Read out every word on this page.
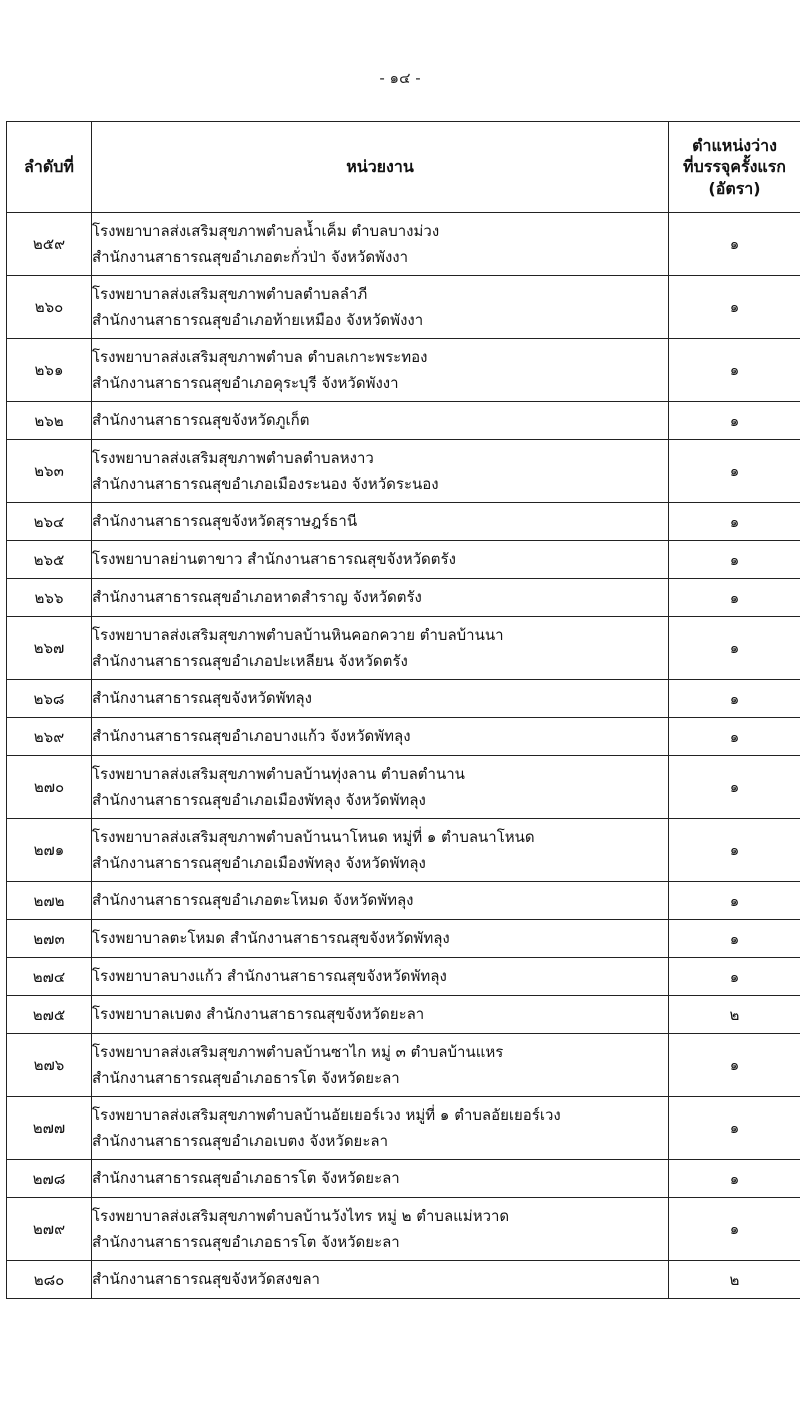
- ๑๔ -
ลำดับที่	หน่วยงาน	ตำแหน่งว่าง
ที่บรรจุครั้งแรก
(อัตรา)

๒๕๙	โรงพยาบาลส่งเสริมสุขภาพตำบลน้ำเค็ม ตำบลบางม่วง
สำนักงานสาธารณสุขอำเภอตะกั่วป่า จังหวัดพังงา	๑
๒๖๐	โรงพยาบาลส่งเสริมสุขภาพตำบลตำบลลำภี
สำนักงานสาธารณสุขอำเภอท้ายเหมือง จังหวัดพังงา	๑
๒๖๑	โรงพยาบาลส่งเสริมสุขภาพตำบล ตำบลเกาะพระทอง
สำนักงานสาธารณสุขอำเภอคุระบุรี จังหวัดพังงา	๑
๒๖๒	สำนักงานสาธารณสุขจังหวัดภูเก็ต	๑
๒๖๓	โรงพยาบาลส่งเสริมสุขภาพตำบลตำบลหงาว
สำนักงานสาธารณสุขอำเภอเมืองระนอง จังหวัดระนอง	๑
๒๖๔	สำนักงานสาธารณสุขจังหวัดสุราษฎร์ธานี	๑
๒๖๕	โรงพยาบาลย่านตาขาว สำนักงานสาธารณสุขจังหวัดตรัง	๑
๒๖๖	สำนักงานสาธารณสุขอำเภอหาดสำราญ จังหวัดตรัง	๑
๒๖๗	โรงพยาบาลส่งเสริมสุขภาพตำบลบ้านหินคอกควาย ตำบลบ้านนา
สำนักงานสาธารณสุขอำเภอปะเหลียน จังหวัดตรัง	๑
๒๖๘	สำนักงานสาธารณสุขจังหวัดพัทลุง	๑
๒๖๙	สำนักงานสาธารณสุขอำเภอบางแก้ว จังหวัดพัทลุง	๑
๒๗๐	โรงพยาบาลส่งเสริมสุขภาพตำบลบ้านทุ่งลาน ตำบลตำนาน
สำนักงานสาธารณสุขอำเภอเมืองพัทลุง จังหวัดพัทลุง	๑
๒๗๑	โรงพยาบาลส่งเสริมสุขภาพตำบลบ้านนาโหนด หมู่ที่ ๑ ตำบลนาโหนด
สำนักงานสาธารณสุขอำเภอเมืองพัทลุง จังหวัดพัทลุง	๑
๒๗๒	สำนักงานสาธารณสุขอำเภอตะโหมด จังหวัดพัทลุง	๑
๒๗๓	โรงพยาบาลตะโหมด สำนักงานสาธารณสุขจังหวัดพัทลุง	๑
๒๗๔	โรงพยาบาลบางแก้ว สำนักงานสาธารณสุขจังหวัดพัทลุง	๑
๒๗๕	โรงพยาบาลเบตง สำนักงานสาธารณสุขจังหวัดยะลา	๒
๒๗๖	โรงพยาบาลส่งเสริมสุขภาพตำบลบ้านซาไก หมู่ ๓ ตำบลบ้านแหร
สำนักงานสาธารณสุขอำเภอธารโต จังหวัดยะลา	๑
๒๗๗	โรงพยาบาลส่งเสริมสุขภาพตำบลบ้านอัยเยอร์เวง หมู่ที่ ๑ ตำบลอัยเยอร์เวง
สำนักงานสาธารณสุขอำเภอเบตง จังหวัดยะลา	๑
๒๗๘	สำนักงานสาธารณสุขอำเภอธารโต จังหวัดยะลา	๑
๒๗๙	โรงพยาบาลส่งเสริมสุขภาพตำบลบ้านวังไทร หมู่ ๒ ตำบลแม่หวาด
สำนักงานสาธารณสุขอำเภอธารโต จังหวัดยะลา	๑
๒๘๐	สำนักงานสาธารณสุขจังหวัดสงขลา	๒
